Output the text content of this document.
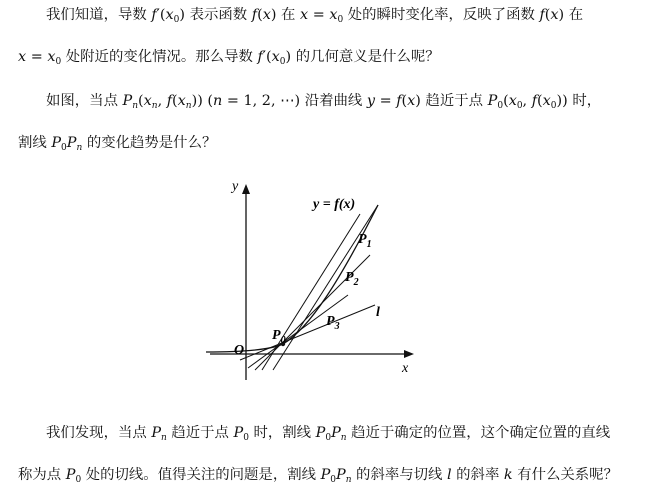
我们知道，导数 $f'(x_0)$ 表示函数 f(x) 在 $x = x_0$ 处的瞬时变化率，反映了函数 f(x) 在
$x = x_0$ 处附近的变化情况。那么导数 $f'(x_0)$ 的几何意义是什么呢？
如图，当点 $P_n(x_n$, $f(x_n)$) (n = 1, 2, ⋯) 沿着曲线 y = f(x) 趋近于点 $P_0(x_0$, $f(x_0)$) 时，
割线 $P_0P_n$ 的变化趋势是什么？
y
x
O
y = f(x)
$P_0$
$P_1$
$P_2$
$P_3$
l
我们发现，当点 $P_n$ 趋近于点 $P_0$ 时，割线 $P_0P_n$ 趋近于确定的位置，这个确定位置的直线
称为点 $P_0$ 处的切线。值得关注的问题是，割线 $P_0P_n$ 的斜率与切线 l 的斜率 k 有什么关系呢？
